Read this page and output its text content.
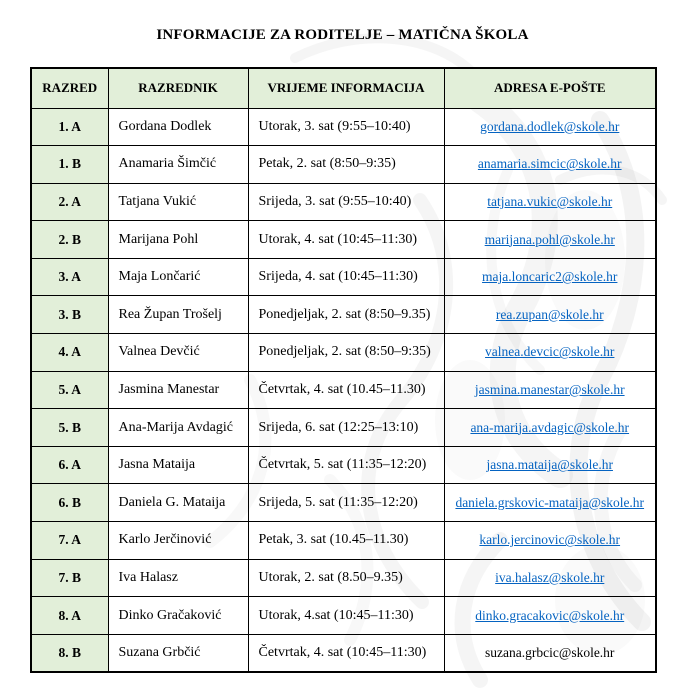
INFORMACIJE ZA RODITELJE – MATIČNA ŠKOLA
RAZRED	RAZREDNIK	VRIJEME INFORMACIJA	ADRESA E-POŠTE
1. A	Gordana Dodlek	Utorak, 3. sat (9:55–10:40)	gordana.dodlek@skole.hr
1. B	Anamaria Šimčić	Petak, 2. sat (8:50–9:35)	anamaria.simcic@skole.hr
2. A	Tatjana Vukić	Srijeda, 3. sat (9:55–10:40)	tatjana.vukic@skole.hr
2. B	Marijana Pohl	Utorak, 4. sat (10:45–11:30)	marijana.pohl@skole.hr
3. A	Maja Lončarić	Srijeda, 4. sat (10:45–11:30)	maja.loncaric2@skole.hr
3. B	Rea Župan Trošelj	Ponedjeljak, 2. sat (8:50–9.35)	rea.zupan@skole.hr
4. A	Valnea Devčić	Ponedjeljak, 2. sat (8:50–9:35)	valnea.devcic@skole.hr
5. A	Jasmina Manestar	Četvrtak, 4. sat (10.45–11.30)	jasmina.manestar@skole.hr
5. B	Ana-Marija Avdagić	Srijeda, 6. sat (12:25–13:10)	ana-marija.avdagic@skole.hr
6. A	Jasna Mataija	Četvrtak, 5. sat (11:35–12:20)	jasna.mataija@skole.hr
6. B	Daniela G. Mataija	Srijeda, 5. sat (11:35–12:20)	daniela.grskovic-mataija@skole.hr
7. A	Karlo Jerčinović	Petak, 3. sat (10.45–11.30)	karlo.jercinovic@skole.hr
7. B	Iva Halasz	Utorak, 2. sat (8.50–9.35)	iva.halasz@skole.hr
8. A	Dinko Gračaković	Utorak, 4.sat (10:45–11:30)	dinko.gracakovic@skole.hr
8. B	Suzana Grbčić	Četvrtak, 4. sat (10:45–11:30)	suzana.grbcic@skole.hr
